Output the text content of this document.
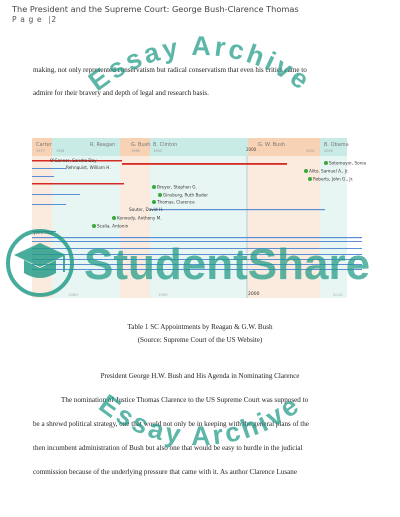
The President and the Supreme Court: George Bush-Clarence Thomas
P a g e  |2
making, not only represented conservatism but radical conservatism that even his critics came to
admire for their bravery and depth of legal and research basis.
Carter
1977
R. Reagan
1981
G. Bush
1989
B. Clinton
1993
G. W. Bush
2001
B. Obama
2009
2000
O'Connor, Sandra Day
Rehnquist, William H.
Breyer, Stephen G.
Ginsburg, Ruth Bader
Thomas, Clarence
Souter, David H.
Kennedy, Anthony M.
Scalia, Antonin
John Paul
Sotomayor, Sonia
Alito, Samuel A., Jr.
Roberts, John G., Jr.
1980	1990	2000	2010
Table 1 SC Appointments by Reagan & G.W. Bush
(Source: Supreme Court of the US Website)
President George H.W. Bush and His Agenda in Nominating Clarence
The nomination of Justice Thomas Clarence to the US Supreme Court was supposed to
be a shrewd political strategy, one that would not only be in keeping with the general plans of the
then incumbent administration of Bush but also one that would be easy to hurdle in the judicial
commission because of the underlying pressure that came with it. As author Clarence Lusane
Essay Archive
Essay Archive
StudentShare
